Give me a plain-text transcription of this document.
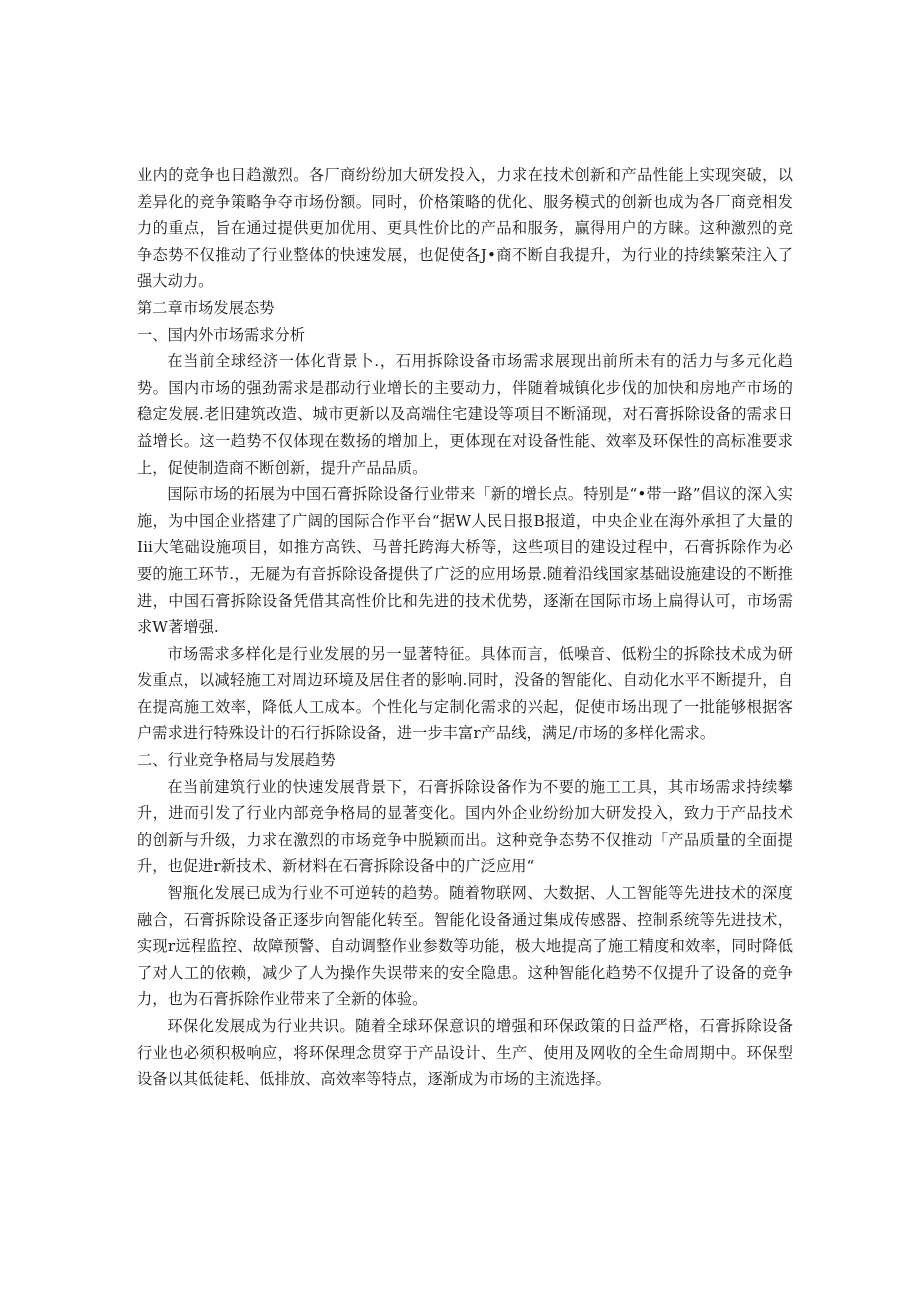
业内的竞争也日趋激烈。各厂商纷纷加大研发投入，力求在技术创新和产品性能上实现突破，以差异化的竞争策略争夺市场份额。同时，价格策略的优化、服务模式的创新也成为各厂商竞相发力的重点，旨在通过提供更加优用、更具性价比的产品和服务，赢得用户的方睐。这种激烈的竞争态势不仅推动了行业整体的快速发展，也促使各J•商不断自我提升，为行业的持续繁荣注入了强大动力。

第二章市场发展态势

一、国内外市场需求分析

在当前全球经济一体化背景卜.，石用拆除设备市场需求展现出前所未有的活力与多元化趋势。国内市场的强劲需求是郡动行业增长的主要动力，伴随着城镇化步伐的加快和房地产市场的稳定发展.老旧建筑改造、城市更新以及高端住宅建设等项目不断涌现，对石膏拆除设备的需求日益增长。这一趋势不仅体现在数扬的增加上，更体现在对设备性能、效率及环保性的高标准要求上，促使制造商不断创新，提升产品品质。

国际市场的拓展为中国石膏拆除设备行业带来「新的增长点。特别是“•带一路”倡议的深入实施，为中国企业搭建了广阔的国际合作平台“据W人民日报B报道，中央企业在海外承担了大量的Iii大笔础设施项目，如推方高铁、马普托跨海大桥等，这些项目的建设过程中，石膏拆除作为必要的施工环节.，无屣为有音拆除设备提供了广泛的应用场景.随着沿线国家基础设施建设的不断推进，中国石膏拆除设备凭借其高性价比和先进的技术优势，逐渐在国际市场上扁得认可，市场需求W著增强.

市场需求多样化是行业发展的另一显著特征。具体而言，低噪音、低粉尘的拆除技术成为研发重点，以减轻施工对周边环境及居住者的影响.同时，没备的智能化、自动化水平不断提升，自在提高施工效率，降低人工成本。个性化与定制化需求的兴起，促使市场出现了一批能够根据客户需求进行特殊设计的石行拆除设备，进一步丰富r产品线，满足/市场的多样化需求。

二、行业竞争格局与发展趋势

在当前建筑行业的快速发展背景下，石膏拆除设备作为不要的施工工具，其市场需求持续攀升，进而引发了行业内部竞争格局的显著变化。国内外企业纷纷加大研发投入，致力于产品技术的创新与升级，力求在激烈的市场竞争中脱颖而出。这种竞争态势不仅推动「产品质量的全面提升，也促进r新技术、新材料在石膏拆除设备中的广泛应用“

智瓶化发展已成为行业不可逆转的趋势。随着物联网、大数据、人工智能等先进技术的深度融合，石膏拆除设备正逐步向智能化转至。智能化设备通过集成传感器、控制系统等先进技术，实现r远程监控、故障预警、自动调整作业参数等功能，极大地提高了施工精度和效率，同时降低了对人工的依赖，减少了人为操作失误带来的安全隐患。这种智能化趋势不仅提升了设备的竞争力，也为石膏拆除作业带来了全新的体验。

环保化发展成为行业共识。随着全球环保意识的增强和环保政策的日益严格，石膏拆除设备行业也必须积极响应，将环保理念贯穿于产品设计、生产、使用及网收的全生命周期中。环保型设备以其低徒耗、低排放、高效率等特点，逐渐成为市场的主流选择。
